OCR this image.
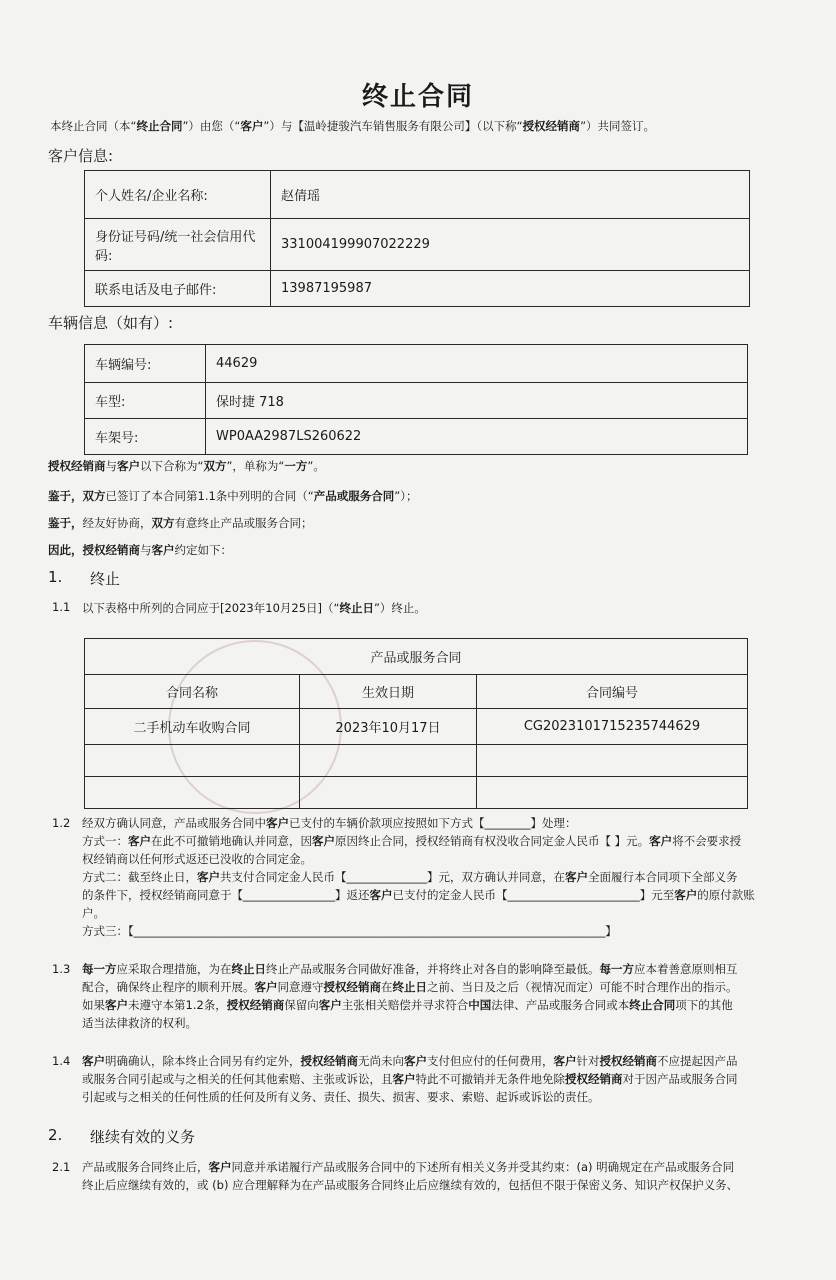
终止合同
本终止合同（本“终止合同”）由您（“客户”）与【温岭捷骏汽车销售服务有限公司】（以下称“授权经销商”）共同签订。
客户信息:
个人姓名/企业名称:	赵倩瑶
身份证号码/统一社会信用代码:	331004199907022229
联系电话及电子邮件:	13987195987
车辆信息（如有）:
车辆编号:	44629
车型:	保时捷 718
车架号:	WP0AA2987LS260622
授权经销商与客户以下合称为“双方”，单称为“一方”。
鉴于，双方已签订了本合同第1.1条中列明的合同（“产品或服务合同”）；
鉴于，经友好协商，双方有意终止产品或服务合同；
因此，授权经销商与客户约定如下：
1. 终止
1.1 以下表格中所列的合同应于[2023年10月25日]（“终止日”）终止。
产品或服务合同		
合同名称	生效日期	合同编号
二手机动车收购合同	2023年10月17日	CG2023101715235744629

1.2 经双方确认同意，产品或服务合同中客户已支付的车辆价款项应按照如下方式【________】处理：
方式一：客户在此不可撤销地确认并同意，因客户原因终止合同，授权经销商有权没收合同定金人民币【 】元。客户将不会要求授
权经销商以任何形式返还已没收的合同定金。
方式二：截至终止日，客户共支付合同定金人民币【______________】元，双方确认并同意，在客户全面履行本合同项下全部义务
的条件下，授权经销商同意于【________________】返还客户已支付的定金人民币【_______________________】元至客户的原付款账
户。
方式三：【__________________________________________________________________________________】
1.3 每一方应采取合理措施，为在终止日终止产品或服务合同做好准备，并将终止对各自的影响降至最低。每一方应本着善意原则相互
配合，确保终止程序的顺利开展。客户同意遵守授权经销商在终止日之前、当日及之后（视情况而定）可能不时合理作出的指示。
如果客户未遵守本第1.2条，授权经销商保留向客户主张相关赔偿并寻求符合中国法律、产品或服务合同或本终止合同项下的其他
适当法律救济的权利。
1.4 客户明确确认，除本终止合同另有约定外，授权经销商无尚未向客户支付但应付的任何费用，客户针对授权经销商不应提起因产品
或服务合同引起或与之相关的任何其他索赔、主张或诉讼，且客户特此不可撤销并无条件地免除授权经销商对于因产品或服务合同
引起或与之相关的任何性质的任何及所有义务、责任、损失、损害、要求、索赔、起诉或诉讼的责任。
2. 继续有效的义务
2.1 产品或服务合同终止后，客户同意并承诺履行产品或服务合同中的下述所有相关义务并受其约束：(a) 明确规定在产品或服务合同
终止后应继续有效的，或 (b) 应合理解释为在产品或服务合同终止后应继续有效的，包括但不限于保密义务、知识产权保护义务、
